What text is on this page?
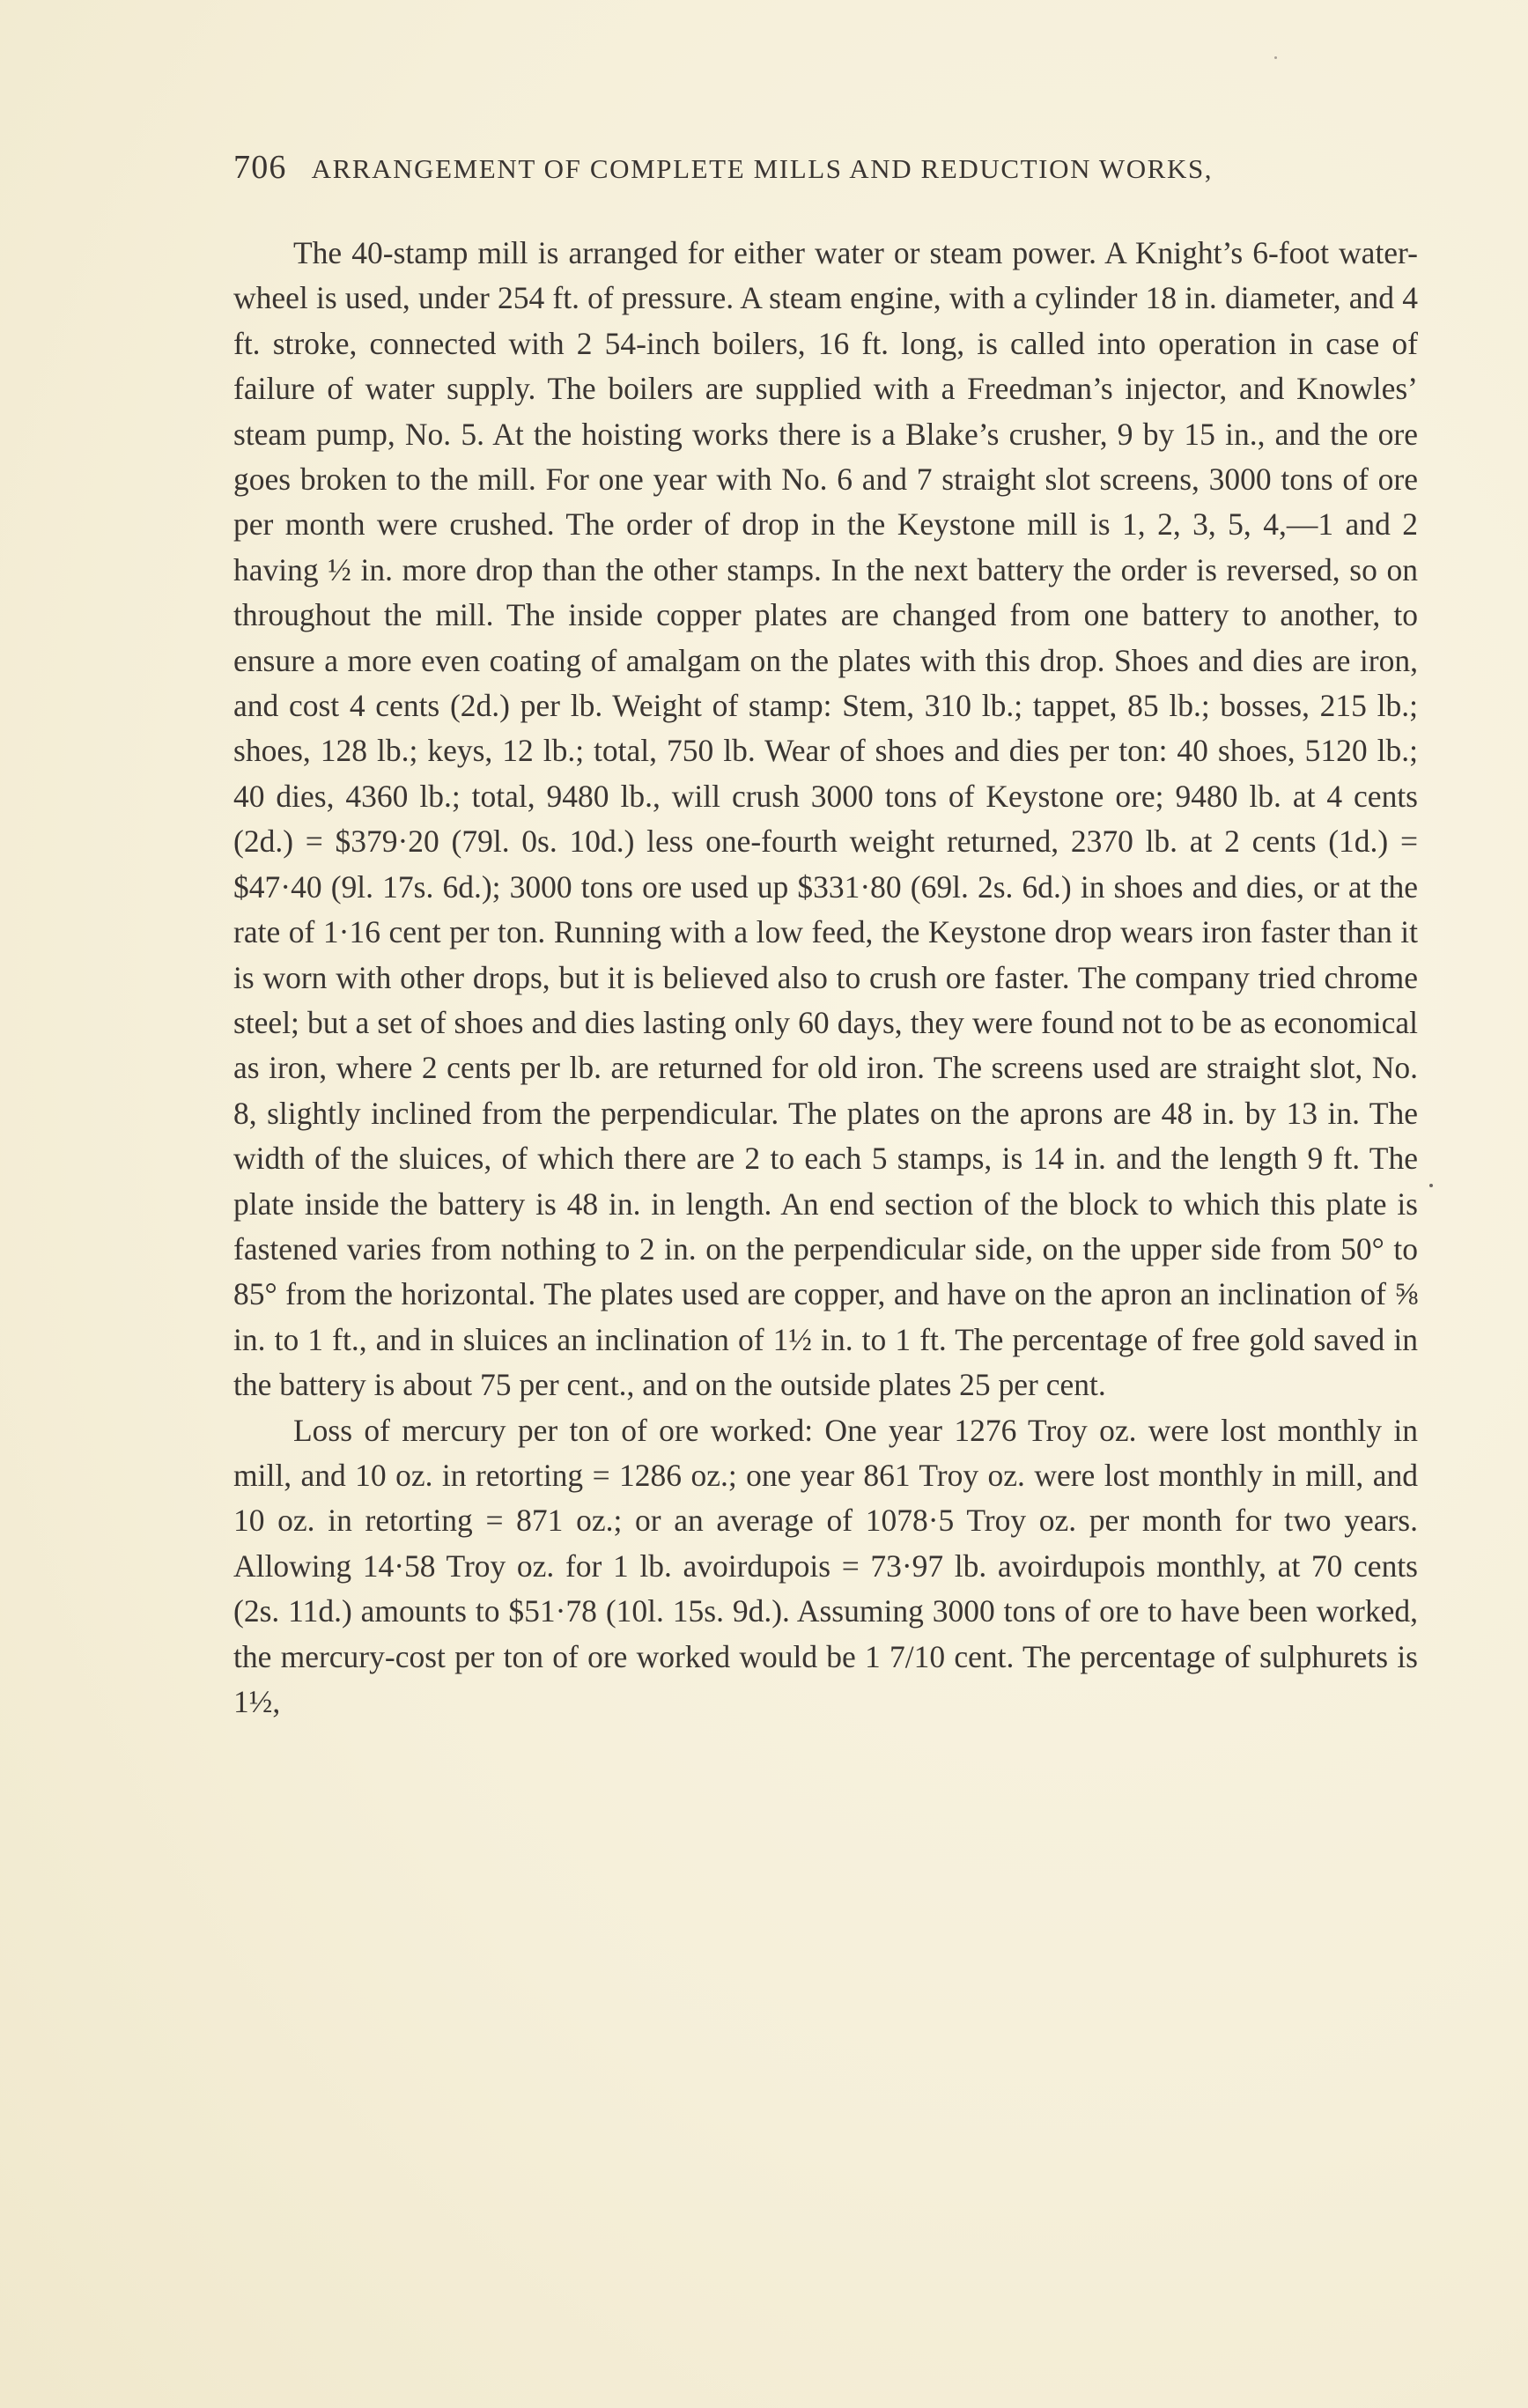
706 ARRANGEMENT OF COMPLETE MILLS AND REDUCTION WORKS,

The 40-stamp mill is arranged for either water or steam power. A Knight’s 6-foot water-wheel is used, under 254 ft. of pressure. A steam engine, with a cylinder 18 in. diameter, and 4 ft. stroke, connected with 2 54-inch boilers, 16 ft. long, is called into operation in case of failure of water supply. The boilers are supplied with a Freedman’s injector, and Knowles’ steam pump, No. 5. At the hoisting works there is a Blake’s crusher, 9 by 15 in., and the ore goes broken to the mill. For one year with No. 6 and 7 straight slot screens, 3000 tons of ore per month were crushed. The order of drop in the Keystone mill is 1, 2, 3, 5, 4,—1 and 2 having ½ in. more drop than the other stamps. In the next battery the order is reversed, so on throughout the mill. The inside copper plates are changed from one battery to another, to ensure a more even coating of amalgam on the plates with this drop. Shoes and dies are iron, and cost 4 cents (2d.) per lb. Weight of stamp: Stem, 310 lb.; tappet, 85 lb.; bosses, 215 lb.; shoes, 128 lb.; keys, 12 lb.; total, 750 lb. Wear of shoes and dies per ton: 40 shoes, 5120 lb.; 40 dies, 4360 lb.; total, 9480 lb., will crush 3000 tons of Keystone ore; 9480 lb. at 4 cents (2d.) = $379·20 (79l. 0s. 10d.) less one-fourth weight returned, 2370 lb. at 2 cents (1d.) = $47·40 (9l. 17s. 6d.); 3000 tons ore used up $331·80 (69l. 2s. 6d.) in shoes and dies, or at the rate of 1·16 cent per ton. Running with a low feed, the Keystone drop wears iron faster than it is worn with other drops, but it is believed also to crush ore faster. The company tried chrome steel; but a set of shoes and dies lasting only 60 days, they were found not to be as economical as iron, where 2 cents per lb. are returned for old iron. The screens used are straight slot, No. 8, slightly inclined from the perpendicular. The plates on the aprons are 48 in. by 13 in. The width of the sluices, of which there are 2 to each 5 stamps, is 14 in. and the length 9 ft. The plate inside the battery is 48 in. in length. An end section of the block to which this plate is fastened varies from nothing to 2 in. on the perpendicular side, on the upper side from 50° to 85° from the horizontal. The plates used are copper, and have on the apron an inclination of ⅝ in. to 1 ft., and in sluices an inclination of 1½ in. to 1 ft. The percentage of free gold saved in the battery is about 75 per cent., and on the outside plates 25 per cent.

Loss of mercury per ton of ore worked: One year 1276 Troy oz. were lost monthly in mill, and 10 oz. in retorting = 1286 oz.; one year 861 Troy oz. were lost monthly in mill, and 10 oz. in retorting = 871 oz.; or an average of 1078·5 Troy oz. per month for two years. Allowing 14·58 Troy oz. for 1 lb. avoirdupois = 73·97 lb. avoirdupois monthly, at 70 cents (2s. 11d.) amounts to $51·78 (10l. 15s. 9d.). Assuming 3000 tons of ore to have been worked, the mercury-cost per ton of ore worked would be 1 7/10 cent. The percentage of sulphurets is 1½,
